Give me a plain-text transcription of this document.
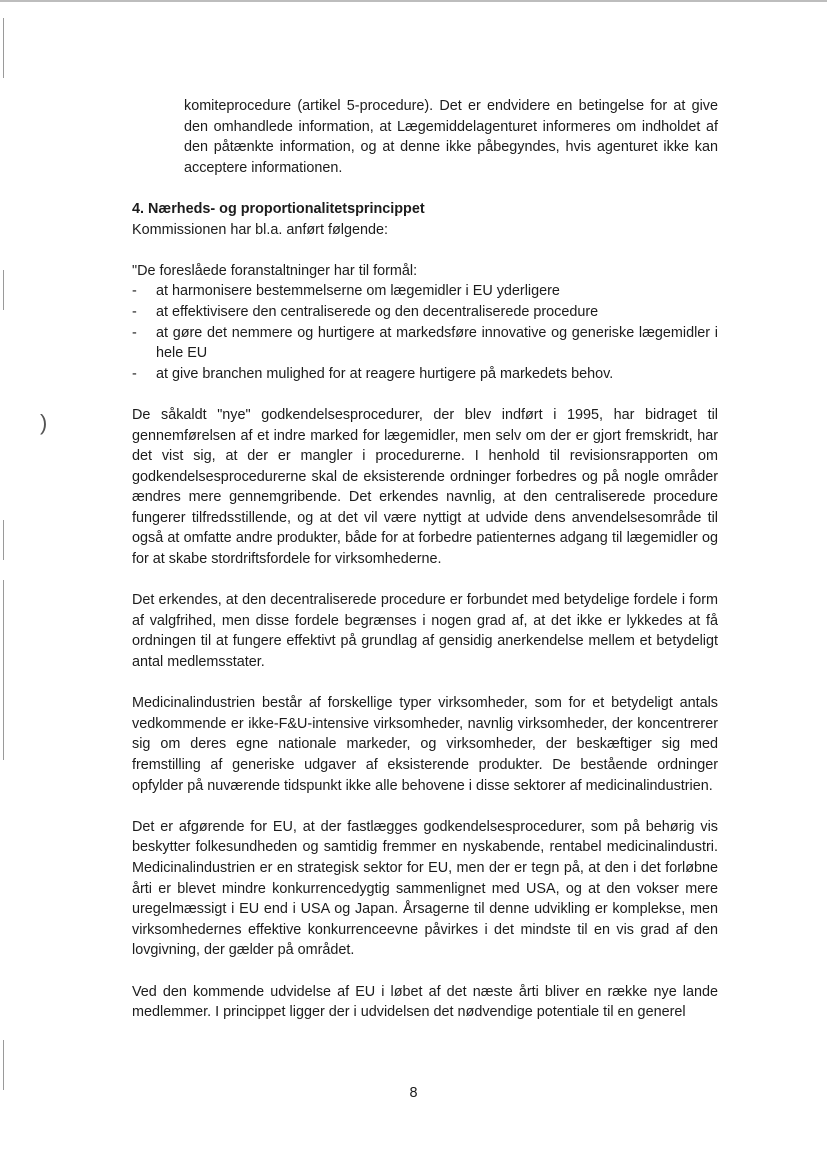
)

komiteprocedure (artikel 5-procedure). Det er endvidere en betingelse for at give den omhandlede information, at Lægemiddelagenturet informeres om indholdet af den påtænkte information, og at denne ikke påbegyndes, hvis agenturet ikke kan acceptere informationen.

4. Nærheds- og proportionalitetsprincippet
Kommissionen har bl.a. anført følgende:
"De foreslåede foranstaltninger har til formål:
- at harmonisere bestemmelserne om lægemidler i EU yderligere
- at effektivisere den centraliserede og den decentraliserede procedure
- at gøre det nemmere og hurtigere at markedsføre innovative og generiske lægemidler i hele EU
- at give branchen mulighed for at reagere hurtigere på markedets behov.

De såkaldt "nye" godkendelsesprocedurer, der blev indført i 1995, har bidraget til gennemførelsen af et indre marked for lægemidler, men selv om der er gjort fremskridt, har det vist sig, at der er mangler i procedurerne. I henhold til revisionsrapporten om godkendelsesprocedurerne skal de eksisterende ordninger forbedres og på nogle områder ændres mere gennemgribende. Det erkendes navnlig, at den centraliserede procedure fungerer tilfredsstillende, og at det vil være nyttigt at udvide dens anvendelsesområde til også at omfatte andre produkter, både for at forbedre patienternes adgang til lægemidler og for at skabe stordriftsfordele for virksomhederne.

Det erkendes, at den decentraliserede procedure er forbundet med betydelige fordele i form af valgfrihed, men disse fordele begrænses i nogen grad af, at det ikke er lykkedes at få ordningen til at fungere effektivt på grundlag af gensidig anerkendelse mellem et betydeligt antal medlemsstater.

Medicinalindustrien består af forskellige typer virksomheder, som for et betydeligt antals vedkommende er ikke-F&U-intensive virksomheder, navnlig virksomheder, der koncentrerer sig om deres egne nationale markeder, og virksomheder, der beskæftiger sig med fremstilling af generiske udgaver af eksisterende produkter. De bestående ordninger opfylder på nuværende tidspunkt ikke alle behovene i disse sektorer af medicinalindustrien.

Det er afgørende for EU, at der fastlægges godkendelsesprocedurer, som på behørig vis beskytter folkesundheden og samtidig fremmer en nyskabende, rentabel medicinalindustri. Medicinalindustrien er en strategisk sektor for EU, men der er tegn på, at den i det forløbne årti er blevet mindre konkurrencedygtig sammenlignet med USA, og at den vokser mere uregelmæssigt i EU end i USA og Japan. Årsagerne til denne udvikling er komplekse, men virksomhedernes effektive konkurrenceevne påvirkes i det mindste til en vis grad af den lovgivning, der gælder på området.

Ved den kommende udvidelse af EU i løbet af det næste årti bliver en række nye lande medlemmer. I princippet ligger der i udvidelsen det nødvendige potentiale til en generel

8
